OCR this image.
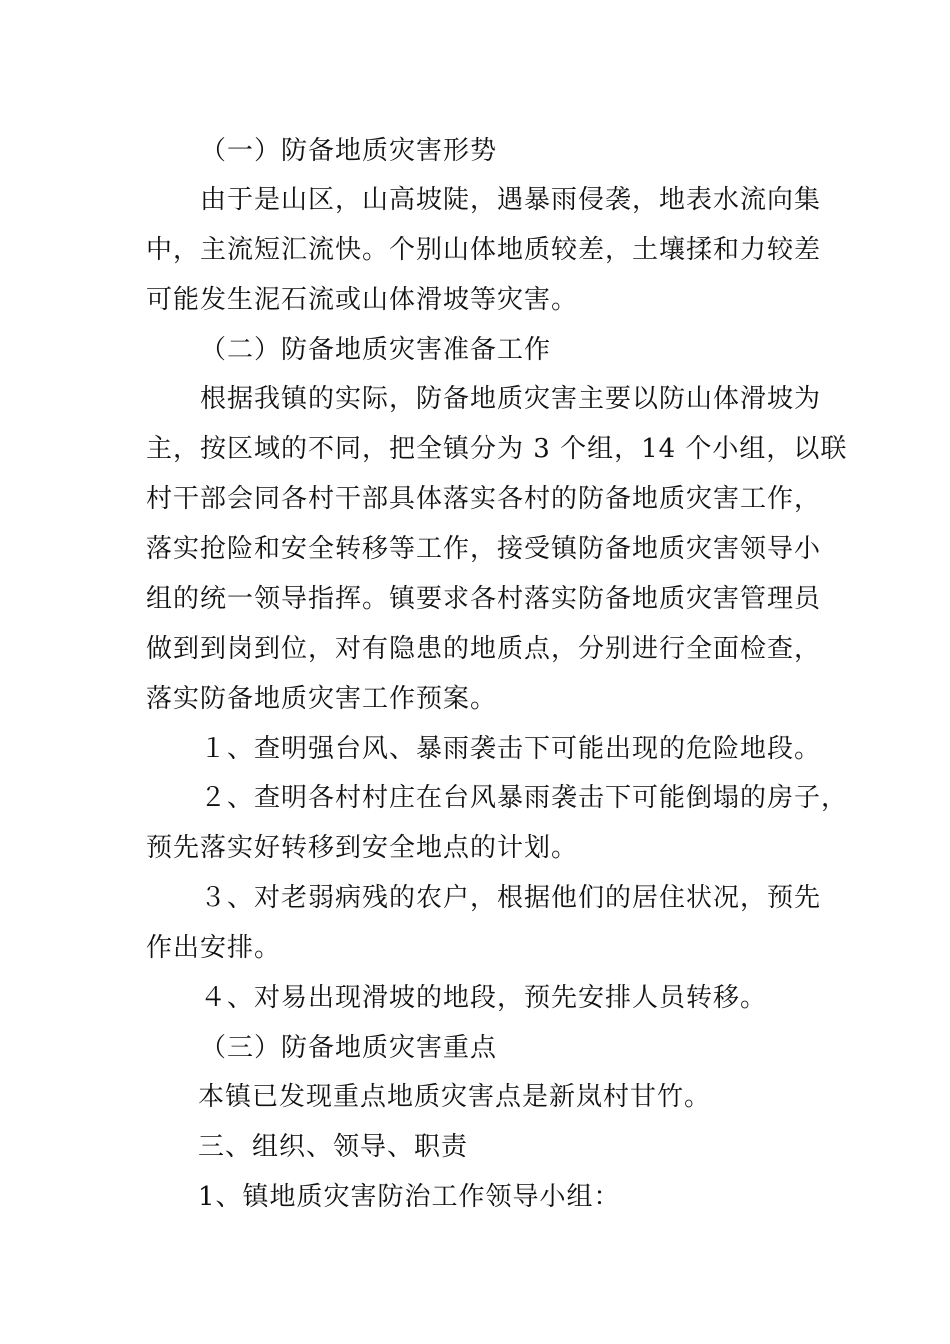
（一）防备地质灾害形势
由于是山区，山高坡陡，遇暴雨侵袭，地表水流向集
中，主流短汇流快。个别山体地质较差，土壤揉和力较差
可能发生泥石流或山体滑坡等灾害。
（二）防备地质灾害准备工作
根据我镇的实际，防备地质灾害主要以防山体滑坡为
主，按区域的不同，把全镇分为 3 个组，14 个小组，以联
村干部会同各村干部具体落实各村的防备地质灾害工作，
落实抢险和安全转移等工作，接受镇防备地质灾害领导小
组的统一领导指挥。镇要求各村落实防备地质灾害管理员
做到到岗到位，对有隐患的地质点，分别进行全面检查，
落实防备地质灾害工作预案。
１、查明强台风、暴雨袭击下可能出现的危险地段。
２、查明各村村庄在台风暴雨袭击下可能倒塌的房子，
预先落实好转移到安全地点的计划。
３、对老弱病残的农户，根据他们的居住状况，预先
作出安排。
４、对易出现滑坡的地段，预先安排人员转移。
（三）防备地质灾害重点
本镇已发现重点地质灾害点是新岚村甘竹。
三、组织、领导、职责
1、镇地质灾害防治工作领导小组：
